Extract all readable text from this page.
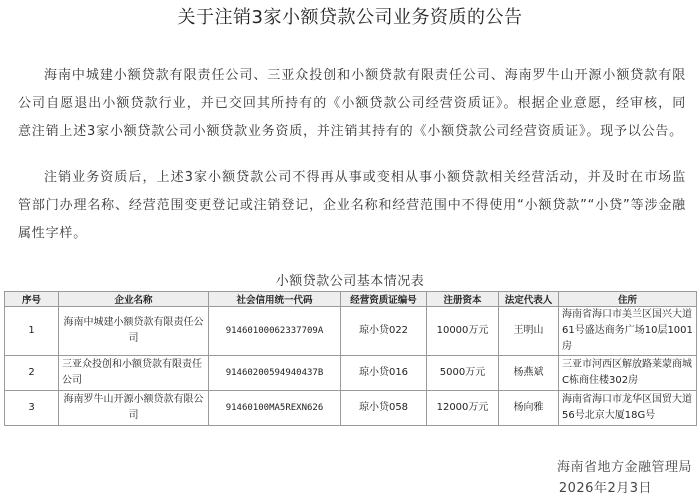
关于注销3家小额贷款公司业务资质的公告

海南中城建小额贷款有限责任公司、三亚众投创和小额贷款有限责任公司、海南罗牛山开源小额贷款有限公司自愿退出小额贷款行业，并已交回其所持有的《小额贷款公司经营资质证》。根据企业意愿，经审核，同意注销上述3家小额贷款公司小额贷款业务资质，并注销其持有的《小额贷款公司经营资质证》。现予以公告。

注销业务资质后，上述3家小额贷款公司不得再从事或变相从事小额贷款相关经营活动，并及时在市场监管部门办理名称、经营范围变更登记或注销登记，企业名称和经营范围中不得使用“小额贷款”“小贷”等涉金融属性字样。

小额贷款公司基本情况表
序号	企业名称	社会信用统一代码	经营资质证编号	注册资本	法定代表人	住所
1	海南中城建小额贷款有限责任公司	91460100062337709A	琼小贷022	10000万元	王明山	海南省海口市美兰区国兴大道61号盛达商务广场10层1001房
2	三亚众投创和小额贷款有限责任公司	91460200594940437B	琼小贷016	5000万元	杨燕斌	三亚市河西区解放路莱蒙商城C栋商住楼302房
3	海南罗牛山开源小额贷款有限公司	91460100MA5REXN626	琼小贷058	12000万元	杨向雅	海南省海口市龙华区国贸大道56号北京大厦18G号
海南省地方金融管理局
2026年2月3日
